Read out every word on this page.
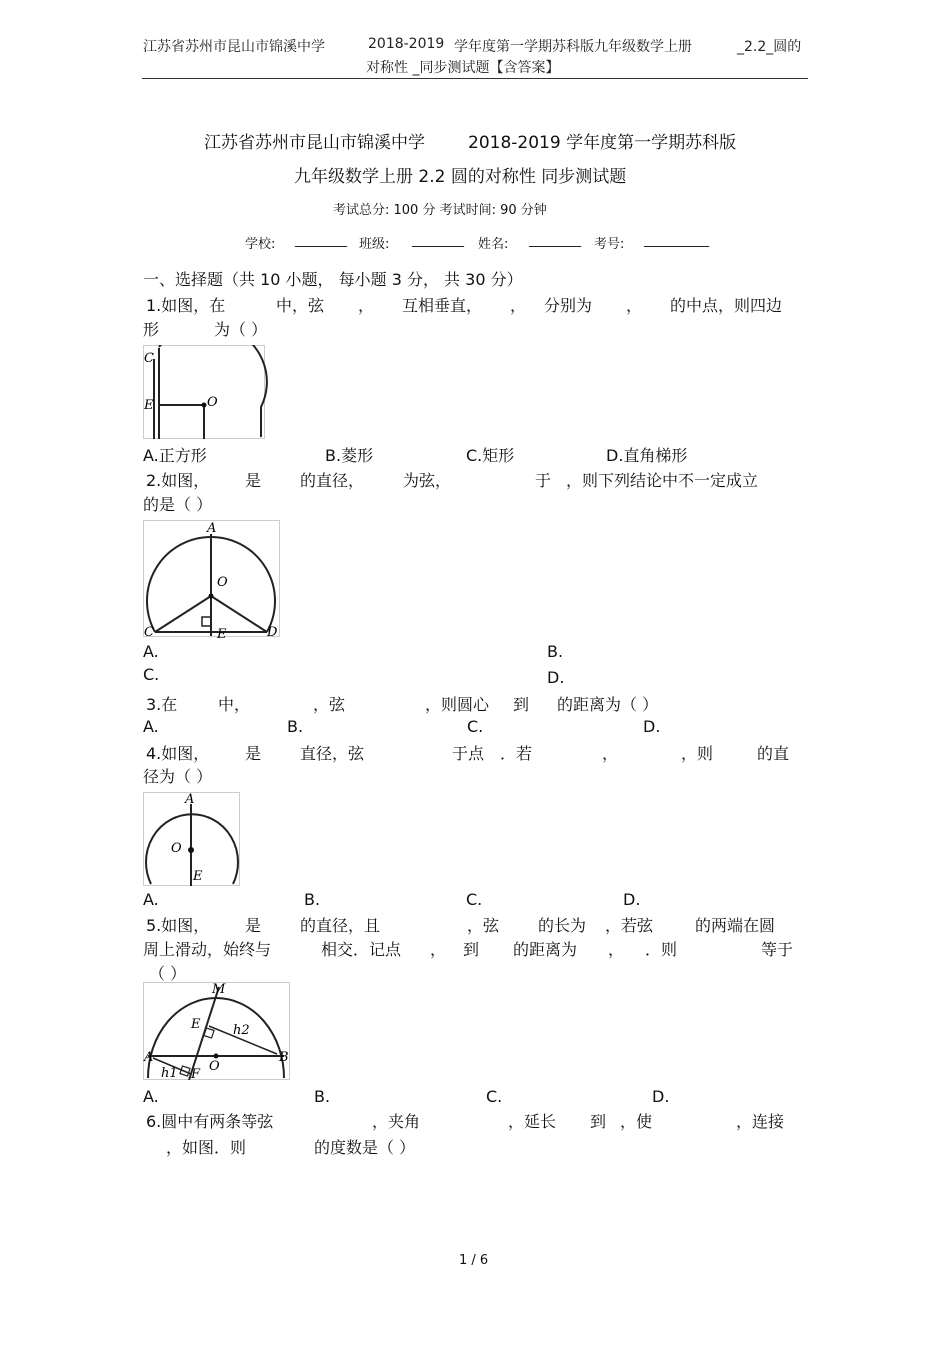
江苏省苏州市昆山市锦溪中学	2018-2019 学年度第一学期苏科版九年级数学上册	_2.2_圆的
对称性 _同步测试题【含答案】
江苏省苏州市昆山市锦溪中学	2018-2019 学年度第一学期苏科版
九年级数学上册 2.2 圆的对称性 同步测试题
考试总分: 100 分 考试时间: 90 分钟
学校: ________ 班级: ________ 姓名: ________ 考号: __________
一、选择题（共 10 小题， 每小题 3 分， 共 30 分）
1.如图，在	中，弦 ， 互相垂直， ， 分别为 ， 的中点，则四边
形	为（ ）
C
E	O
A.正方形	B.菱形	C.矩形	D.直角梯形
2.如图， 是 的直径， 为弦，	于 ，则下列结论中不一定成立
的是（ ）
A
O
C	E	D
A.	B.
C.	D.
3.在	中，	，弦	，则圆心 到 的距离为（ ）
A.	B.	C.	D.
4.如图， 是 直径，弦	于点 ．若	，	，则	的直
径为（ ）
A
O
E
A.	B.	C.	D.
5.如图， 是 的直径，且	，弦 的长为 ，若弦	的两端在圆
周上滑动，始终与	相交．记点 ， 到 的距离为 ， ．则	等于
（ ）
M
E	h2
A	B
h1 F
O
A.	B.	C.	D.
6.圆中有两条等弦	，夹角	，延长 到 ，使	，连接
，如图．则	的度数是（ ）
1 / 6
